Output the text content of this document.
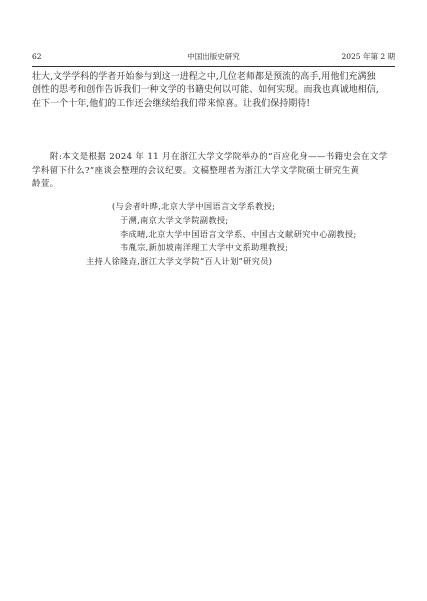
62	中国出版史研究	2025 年第 2 期

壮大,文学学科的学者开始参与到这一进程之中,几位老师都是预流的高手,用他们充满独

创性的思考和创作告诉我们一种文学的书籍史何以可能、如何实现。而我也真诚地相信,

在下一个十年,他们的工作还会继续给我们带来惊喜。让我们保持期待!

附:本文是根据 2024 年 11 月在浙江大学文学院举办的“百应化身——书籍史会在文学

学科留下什么?”座谈会整理的会议纪要。文稿整理者为浙江大学文学院硕士研究生黄

龄萱。

(与会者叶晔,北京大学中国语言文学系教授;

于溯,南京大学文学院副教授;

李成晴,北京大学中国语言文学系、中国古文献研究中心副教授;

韦胤宗,新加坡南洋理工大学中文系助理教授;

主持人徐隆垚,浙江大学文学院“百人计划”研究员)
